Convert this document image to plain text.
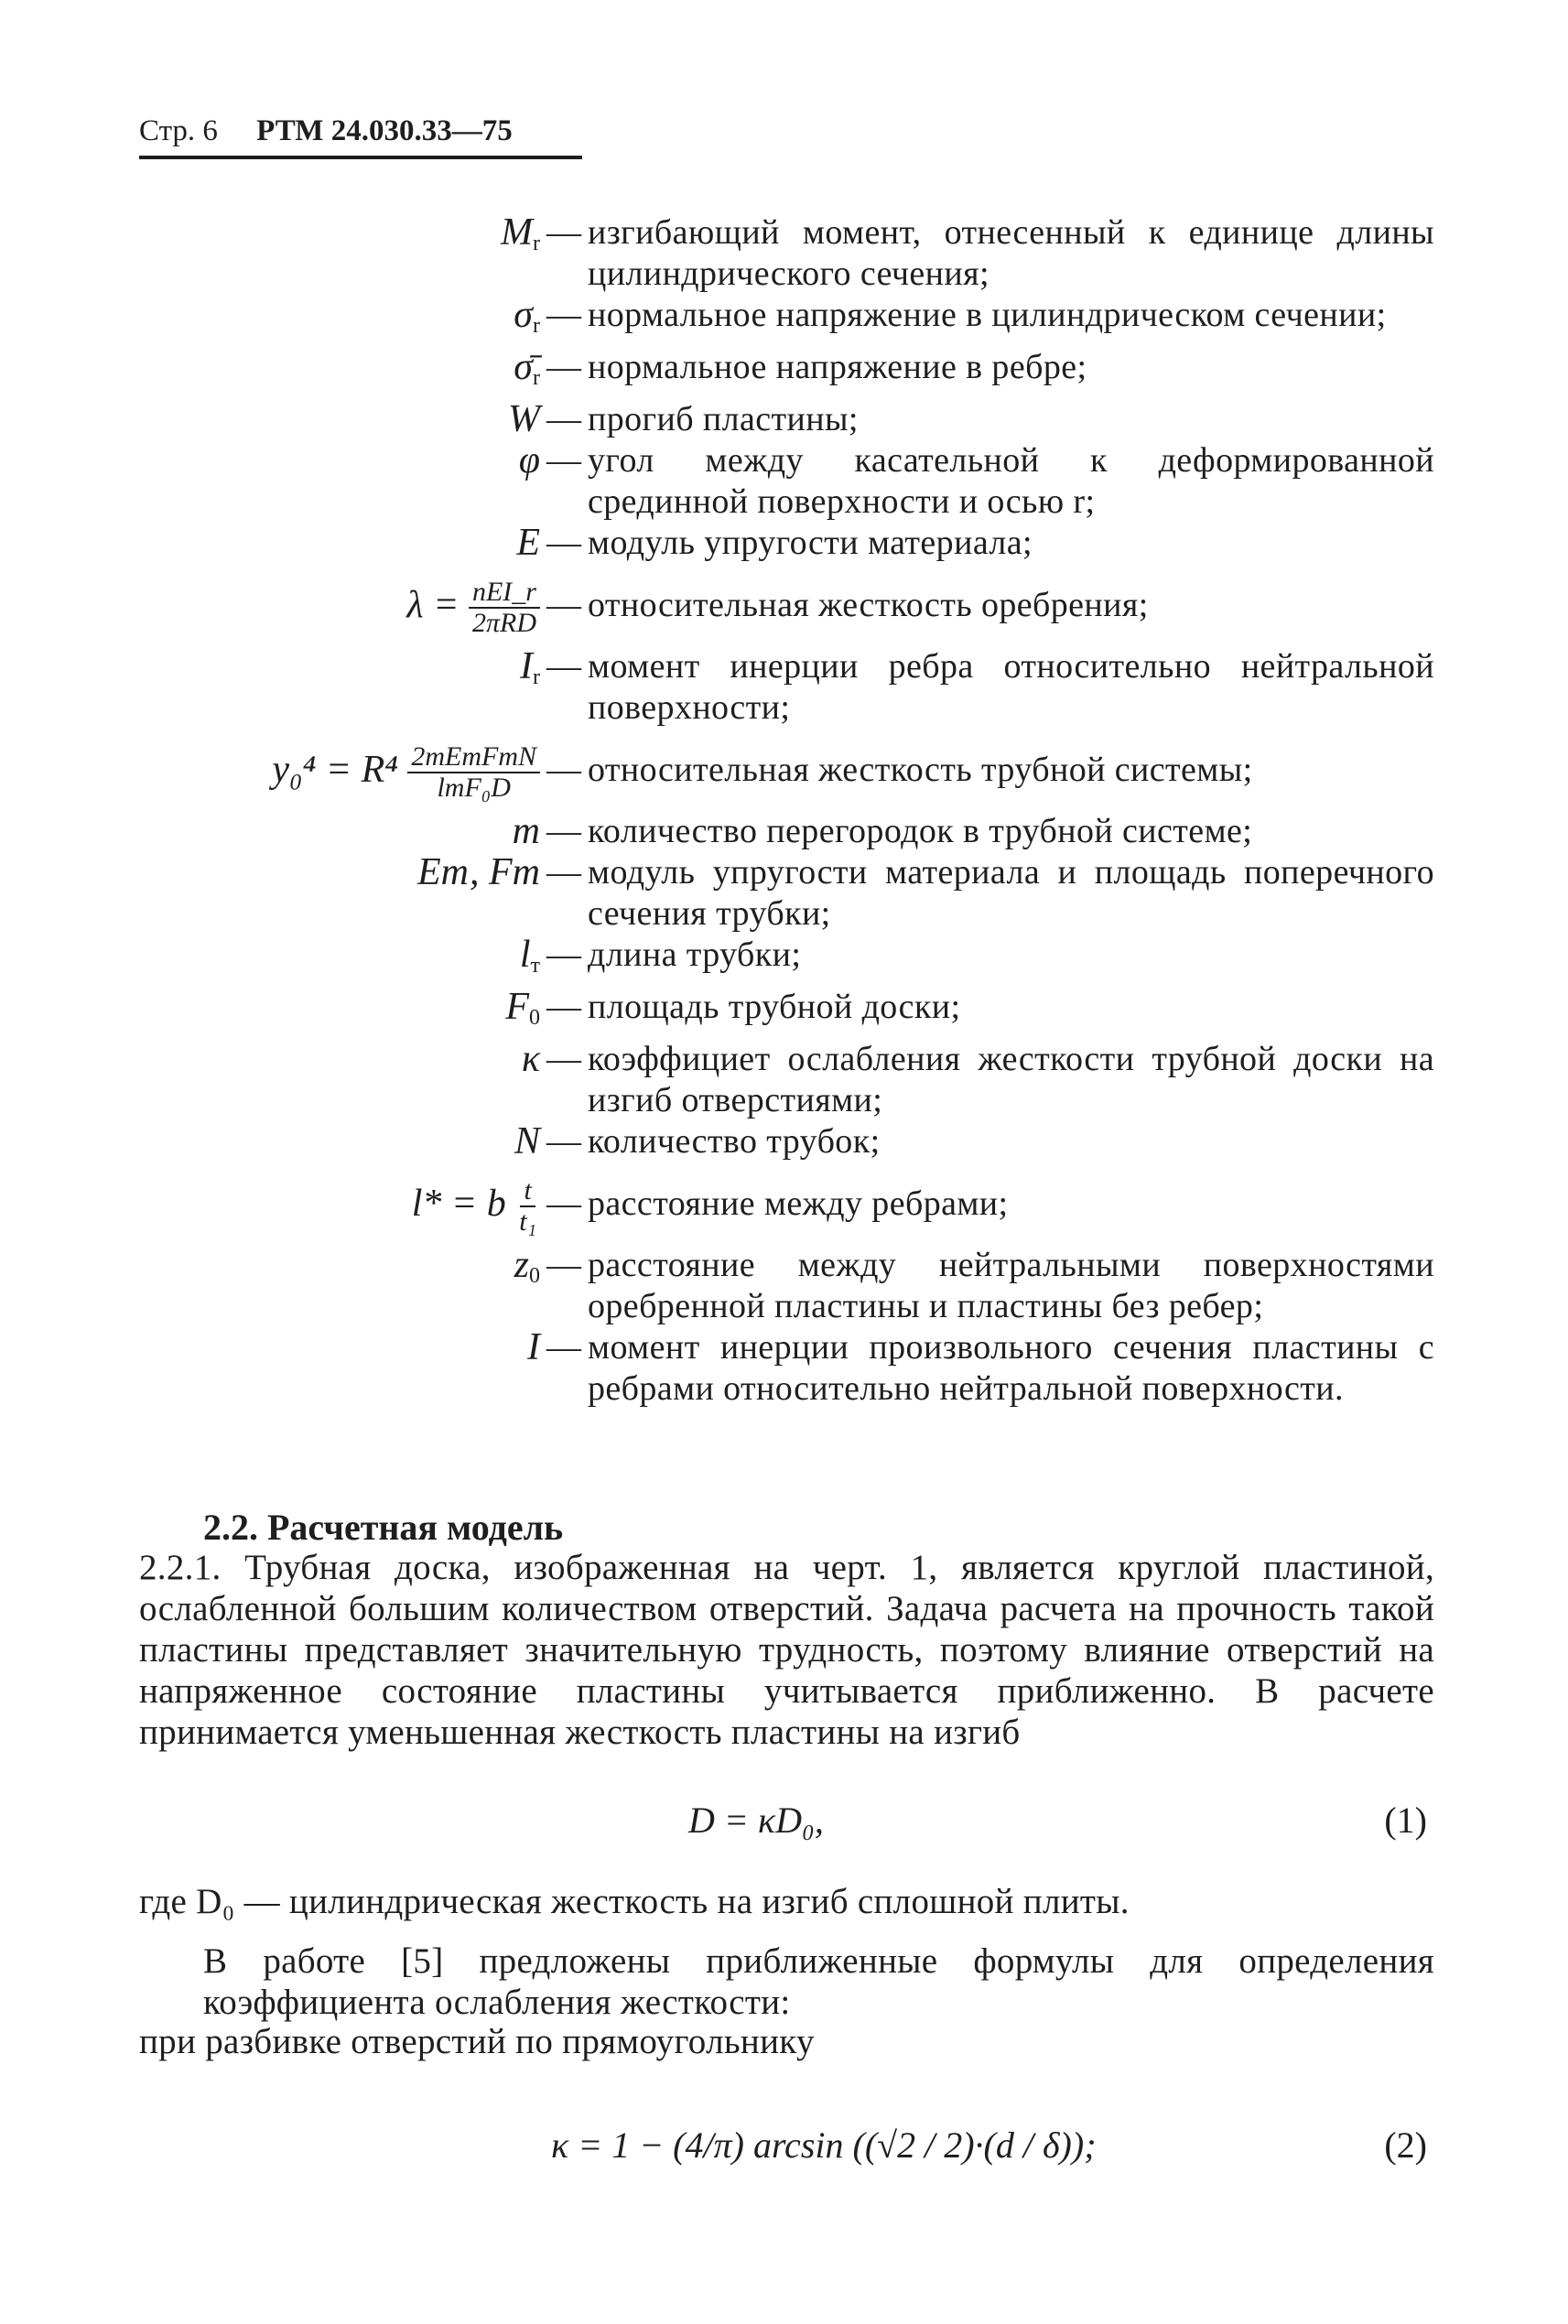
Стр. 6 РТМ 24.030.33—75
$M_r$ — изгибающий момент, отнесенный к единице длины цилиндрического сечения;
$\sigma_r$ — нормальное напряжение в цилиндрическом сечении;
$\sigmā_r$ — нормальное напряжение в ребре;
W — прогиб пластины;
φ — угол между касательной к деформированной срединной поверхности и осью r;
E — модуль упругости материала;
$\lambda = \frac{\text{nEI\_r}}{\text{2πRD}}$ — относительная жесткость оребрения;
$I_r$ — момент инерции ребра относительно нейтральной поверхности;
$y_0^4 = R^4 \frac{\text{2mEтFтN}}{\text{lтF₀D}}$ — относительная жесткость трубной системы;
m — количество перегородок в трубной системе;
Eт, Fт — модуль упругости материала и площадь поперечного сечения трубки;
$l_т$ — длина трубки;
$F_0$ — площадь трубной доски;
κ — коэффициет ослабления жесткости трубной доски на изгиб отверстиями;
N — количество трубок;
l* = b $\frac{t}{\text{t₁}}$ — расстояние между ребрами;
$z_0$ — расстояние между нейтральными поверхностями оребренной пластины и пластины без ребер;
I — момент инерции произвольного сечения пластины с ребрами относительно нейтральной поверхности.
2.2. Расчетная модель
2.2.1. Трубная доска, изображенная на черт. 1, является круглой пластиной, ослабленной большим количеством отверстий. Задача расчета на прочность такой пластины представляет значительную трудность, поэтому влияние отверстий на напряженное состояние пластины учитывается приближенно. В расчете принимается уменьшенная жесткость пластины на изгиб
D = κD₀,	(1)
где D₀ — цилиндрическая жесткость на изгиб сплошной плиты.
В работе [5] предложены приближенные формулы для определения коэффициента ослабления жесткости:
при разбивке отверстий по прямоугольнику
κ = 1 − (4/π) arcsin ((√2 / 2)·(d / δ));	(2)
